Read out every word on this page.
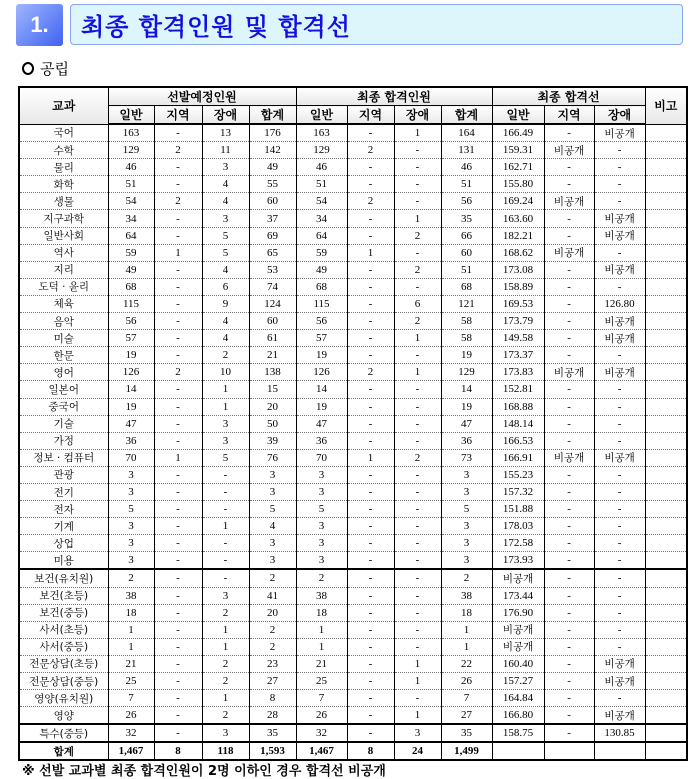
1.	최종 합격인원 및 합격선
공립
교과	선발예정인원				최종 합격인원				최종 합격선			비고
	일반	지역	장애	합계	일반	지역	장애	합계	일반	지역	장애	
국어	163	-	13	176	163	-	1	164	166.49	-	비공개	
수학	129	2	11	142	129	2	-	131	159.31	비공개	-	
물리	46	-	3	49	46	-	-	46	162.71	-	-	
화학	51	-	4	55	51	-	-	51	155.80	-	-	
생물	54	2	4	60	54	2	-	56	169.24	비공개	-	
지구과학	34	-	3	37	34	-	1	35	163.60	-	비공개	
일반사회	64	-	5	69	64	-	2	66	182.21	-	비공개	
역사	59	1	5	65	59	1	-	60	168.62	비공개	-	
지리	49	-	4	53	49	-	2	51	173.08	-	비공개	
도덕 · 윤리	68	-	6	74	68	-	-	68	158.89	-	-	
체육	115	-	9	124	115	-	6	121	169.53	-	126.80	
음악	56	-	4	60	56	-	2	58	173.79	-	비공개	
미술	57	-	4	61	57	-	1	58	149.58	-	비공개	
한문	19	-	2	21	19	-	-	19	173.37	-	-	
영어	126	2	10	138	126	2	1	129	173.83	비공개	비공개	
일본어	14	-	1	15	14	-	-	14	152.81	-	-	
중국어	19	-	1	20	19	-	-	19	168.88	-	-	
기술	47	-	3	50	47	-	-	47	148.14	-	-	
가정	36	-	3	39	36	-	-	36	166.53	-	-	
정보 · 컴퓨터	70	1	5	76	70	1	2	73	166.91	비공개	비공개	
관광	3	-	-	3	3	-	-	3	155.23	-	-	
전기	3	-	-	3	3	-	-	3	157.32	-	-	
전자	5	-	-	5	5	-	-	5	151.88	-	-	
기계	3	-	1	4	3	-	-	3	178.03	-	-	
상업	3	-	-	3	3	-	-	3	172.58	-	-	
미용	3	-	-	3	3	-	-	3	173.93	-	-	
보건(유치원)	2	-	-	2	2	-	-	2	비공개	-	-	
보건(초등)	38	-	3	41	38	-	-	38	173.44	-	-	
보건(중등)	18	-	2	20	18	-	-	18	176.90	-	-	
사서(초등)	1	-	1	2	1	-	-	1	비공개	-	-	
사서(중등)	1	-	1	2	1	-	-	1	비공개	-	-	
전문상담(초등)	21	-	2	23	21	-	1	22	160.40	-	비공개	
전문상담(중등)	25	-	2	27	25	-	1	26	157.27	-	비공개	
영양(유치원)	7	-	1	8	7	-	-	7	164.84	-	-	
영양	26	-	2	28	26	-	1	27	166.80	-	비공개	
특수(중등)	32	-	3	35	32	-	3	35	158.75	-	130.85	
합계	1,467	8	118	1,593	1,467	8	24	1,499				
※ 선발 교과별 최종 합격인원이 2명 이하인 경우 합격선 비공개
